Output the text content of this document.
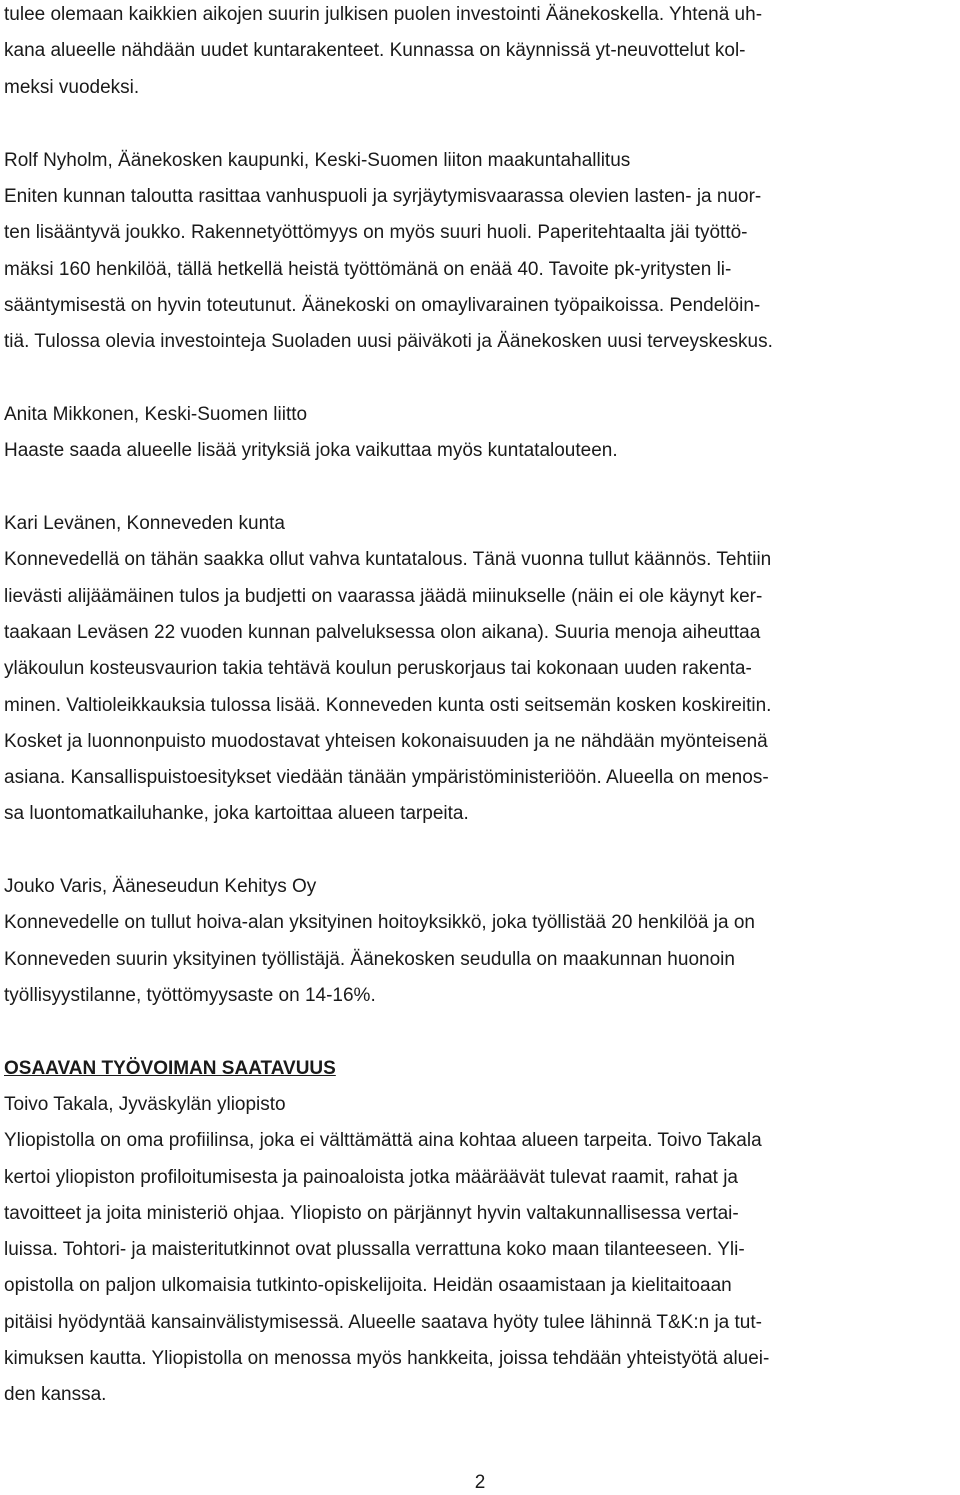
tulee olemaan kaikkien aikojen suurin julkisen puolen investointi Äänekoskella. Yhtenä uh-
kana alueelle nähdään uudet kuntarakenteet. Kunnassa on käynnissä yt-neuvottelut kol-
meksi vuodeksi.
Rolf Nyholm, Äänekosken kaupunki, Keski-Suomen liiton maakuntahallitus
Eniten kunnan taloutta rasittaa vanhuspuoli ja syrjäytymisvaarassa olevien lasten- ja nuor-
ten lisääntyvä joukko. Rakennetyöttömyys on myös suuri huoli. Paperitehtaalta jäi työttö-
mäksi 160 henkilöä, tällä hetkellä heistä työttömänä on enää 40. Tavoite pk-yritysten li-
sääntymisestä on hyvin toteutunut. Äänekoski on omaylivarainen työpaikoissa. Pendelöin-
tiä. Tulossa olevia investointeja Suoladen uusi päiväkoti ja Äänekosken uusi terveyskeskus.
Anita Mikkonen, Keski-Suomen liitto
Haaste saada alueelle lisää yrityksiä joka vaikuttaa myös kuntatalouteen.
Kari Levänen, Konneveden kunta
Konnevedellä on tähän saakka ollut vahva kuntatalous. Tänä vuonna tullut käännös. Tehtiin
lievästi alijäämäinen tulos ja budjetti on vaarassa jäädä miinukselle (näin ei ole käynyt ker-
taakaan Leväsen 22 vuoden kunnan palveluksessa olon aikana). Suuria menoja aiheuttaa
yläkoulun kosteusvaurion takia tehtävä koulun peruskorjaus tai kokonaan uuden rakenta-
minen. Valtioleikkauksia tulossa lisää. Konneveden kunta osti seitsemän kosken koskireitin.
Kosket ja luonnonpuisto muodostavat yhteisen kokonaisuuden ja ne nähdään myönteisenä
asiana. Kansallispuistoesitykset viedään tänään ympäristöministeriöön. Alueella on menos-
sa luontomatkailuhanke, joka kartoittaa alueen tarpeita.
Jouko Varis, Ääneseudun Kehitys Oy
Konnevedelle on tullut hoiva-alan yksityinen hoitoyksikkö, joka työllistää 20 henkilöä ja on
Konneveden suurin yksityinen työllistäjä. Äänekosken seudulla on maakunnan huonoin
työllisyystilanne, työttömyysaste on 14-16%.
OSAAVAN TYÖVOIMAN SAATAVUUS
Toivo Takala, Jyväskylän yliopisto
Yliopistolla on oma profiilinsa, joka ei välttämättä aina kohtaa alueen tarpeita. Toivo Takala
kertoi yliopiston profiloitumisesta ja painoaloista jotka määräävät tulevat raamit, rahat ja
tavoitteet ja joita ministeriö ohjaa. Yliopisto on pärjännyt hyvin valtakunnallisessa vertai-
luissa. Tohtori- ja maisteritutkinnot ovat plussalla verrattuna koko maan tilanteeseen. Yli-
opistolla on paljon ulkomaisia tutkinto-opiskelijoita. Heidän osaamistaan ja kielitaitoaan
pitäisi hyödyntää kansainvälistymisessä. Alueelle saatava hyöty tulee lähinnä T&K:n ja tut-
kimuksen kautta. Yliopistolla on menossa myös hankkeita, joissa tehdään yhteistyötä aluei-
den kanssa.
2
